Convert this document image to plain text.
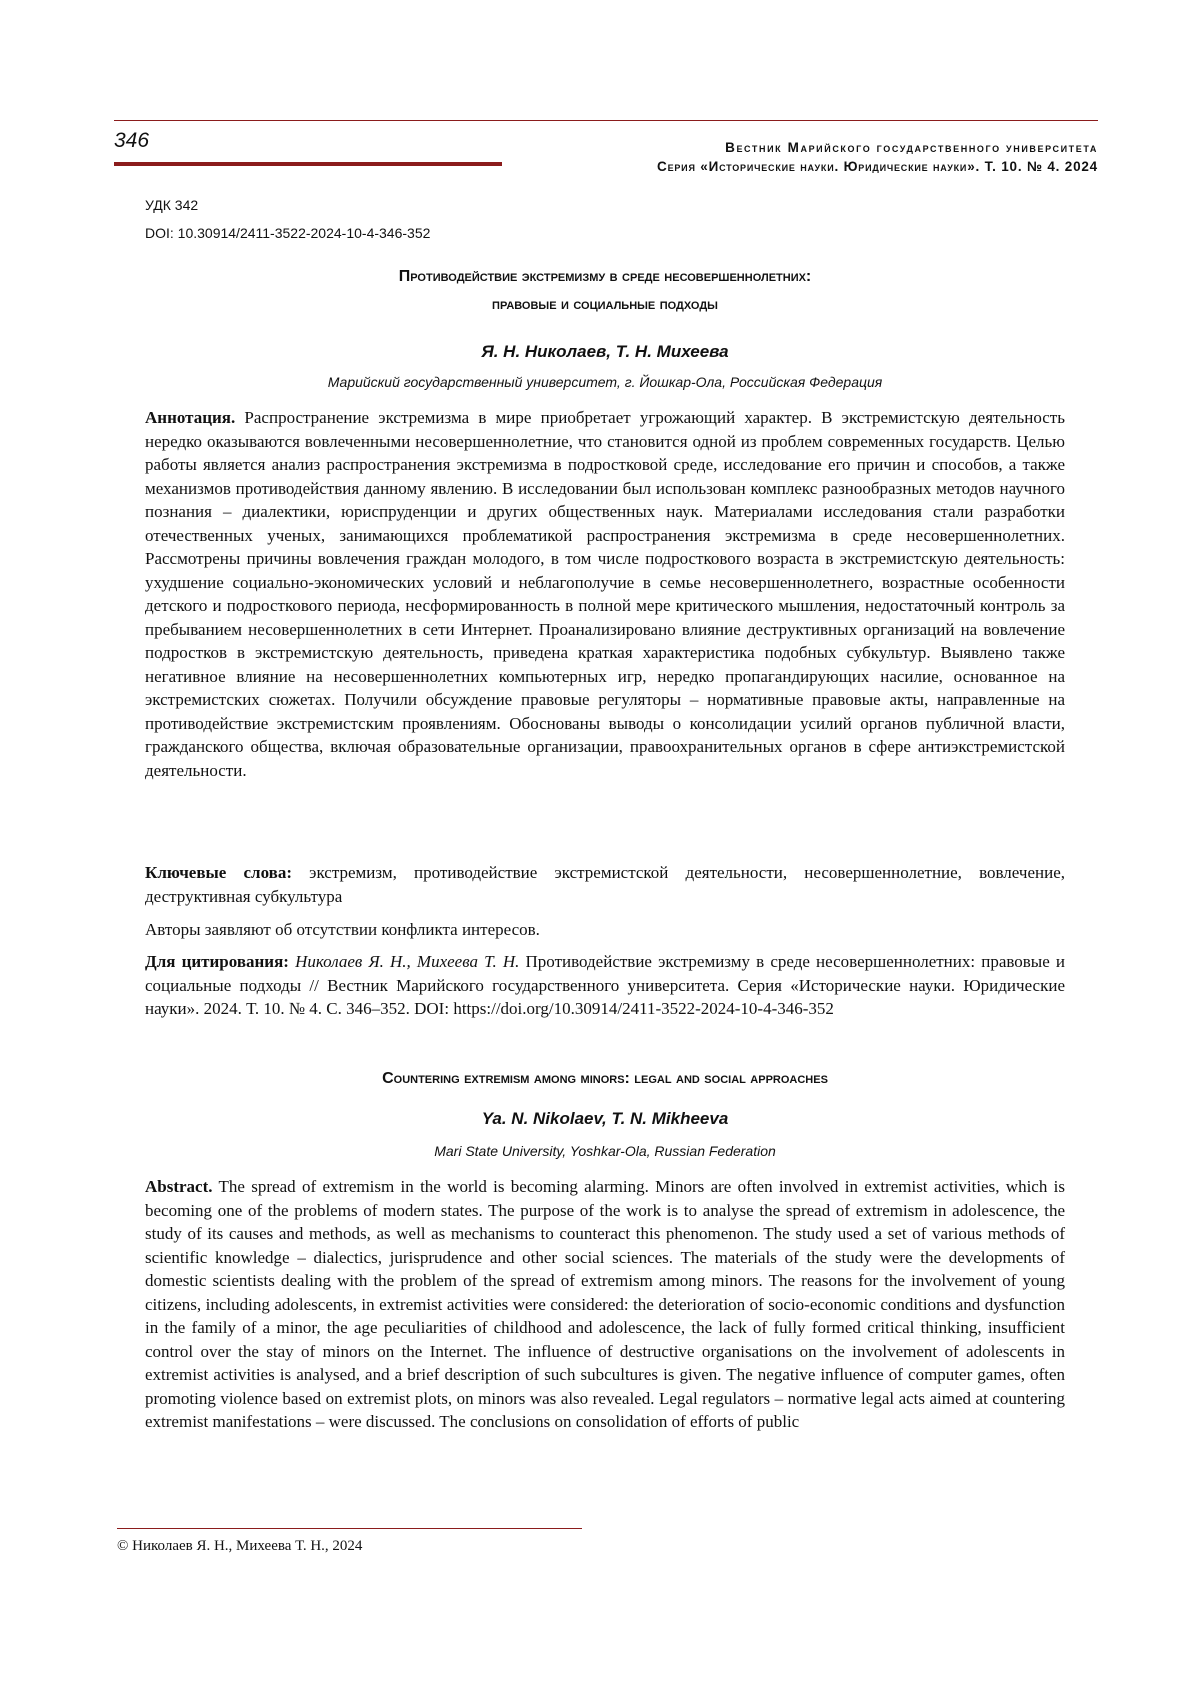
346	Вестник Марийского государственного университета
Серия «Исторические науки. Юридические науки». Т. 10. № 4. 2024
УДК 342
DOI: 10.30914/2411-3522-2024-10-4-346-352
Противодействие экстремизму в среде несовершеннолетних:
правовые и социальные подходы
Я. Н. Николаев, Т. Н. Михеева
Марийский государственный университет, г. Йошкар-Ола, Российская Федерация
Аннотация. Распространение экстремизма в мире приобретает угрожающий характер. В экстремистскую деятельность нередко оказываются вовлеченными несовершеннолетние, что становится одной из проблем современных государств. Целью работы является анализ распространения экстремизма в подростковой среде, исследование его причин и способов, а также механизмов противодействия данному явлению. В исследовании был использован комплекс разнообразных методов научного познания – диалектики, юриспруденции и других общественных наук. Материалами исследования стали разработки отечественных ученых, занимающихся проблематикой распространения экстремизма в среде несовершеннолетних. Рассмотрены причины вовлечения граждан молодого, в том числе подросткового возраста в экстремистскую деятельность: ухудшение социально-экономических условий и неблагополучие в семье несовершеннолетнего, возрастные особенности детского и подросткового периода, несформированность в полной мере критического мышления, недостаточный контроль за пребыванием несовершеннолетних в сети Интернет. Проанализировано влияние деструктивных организаций на вовлечение подростков в экстремистскую деятельность, приведена краткая характеристика подобных субкультур. Выявлено также негативное влияние на несовершеннолетних компьютерных игр, нередко пропагандирующих насилие, основанное на экстремистских сюжетах. Получили обсуждение правовые регуляторы – нормативные правовые акты, направленные на противодействие экстремистским проявлениям. Обоснованы выводы о консолидации усилий органов публичной власти, гражданского общества, включая образовательные организации, правоохранительных органов в сфере антиэкстремистской деятельности.
Ключевые слова: экстремизм, противодействие экстремистской деятельности, несовершеннолетние, вовлечение, деструктивная субкультура
Авторы заявляют об отсутствии конфликта интересов.
Для цитирования: Николаев Я. Н., Михеева Т. Н. Противодействие экстремизму в среде несовершеннолетних: правовые и социальные подходы // Вестник Марийского государственного университета. Серия «Исторические науки. Юридические науки». 2024. Т. 10. № 4. С. 346–352. DOI: https://doi.org/10.30914/2411-3522-2024-10-4-346-352
Countering extremism among minors: legal and social approaches
Ya. N. Nikolaev, T. N. Mikheeva
Mari State University, Yoshkar-Ola, Russian Federation
Abstract. The spread of extremism in the world is becoming alarming. Minors are often involved in extremist activities, which is becoming one of the problems of modern states. The purpose of the work is to analyse the spread of extremism in adolescence, the study of its causes and methods, as well as mechanisms to counteract this phenomenon. The study used a set of various methods of scientific knowledge – dialectics, jurisprudence and other social sciences. The materials of the study were the developments of domestic scientists dealing with the problem of the spread of extremism among minors. The reasons for the involvement of young citizens, including adolescents, in extremist activities were considered: the deterioration of socio-economic conditions and dysfunction in the family of a minor, the age peculiarities of childhood and adolescence, the lack of fully formed critical thinking, insufficient control over the stay of minors on the Internet. The influence of destructive organisations on the involvement of adolescents in extremist activities is analysed, and a brief description of such subcultures is given. The negative influence of computer games, often promoting violence based on extremist plots, on minors was also revealed. Legal regulators – normative legal acts aimed at countering extremist manifestations – were discussed. The conclusions on consolidation of efforts of public
© Николаев Я. Н., Михеева Т. Н., 2024
